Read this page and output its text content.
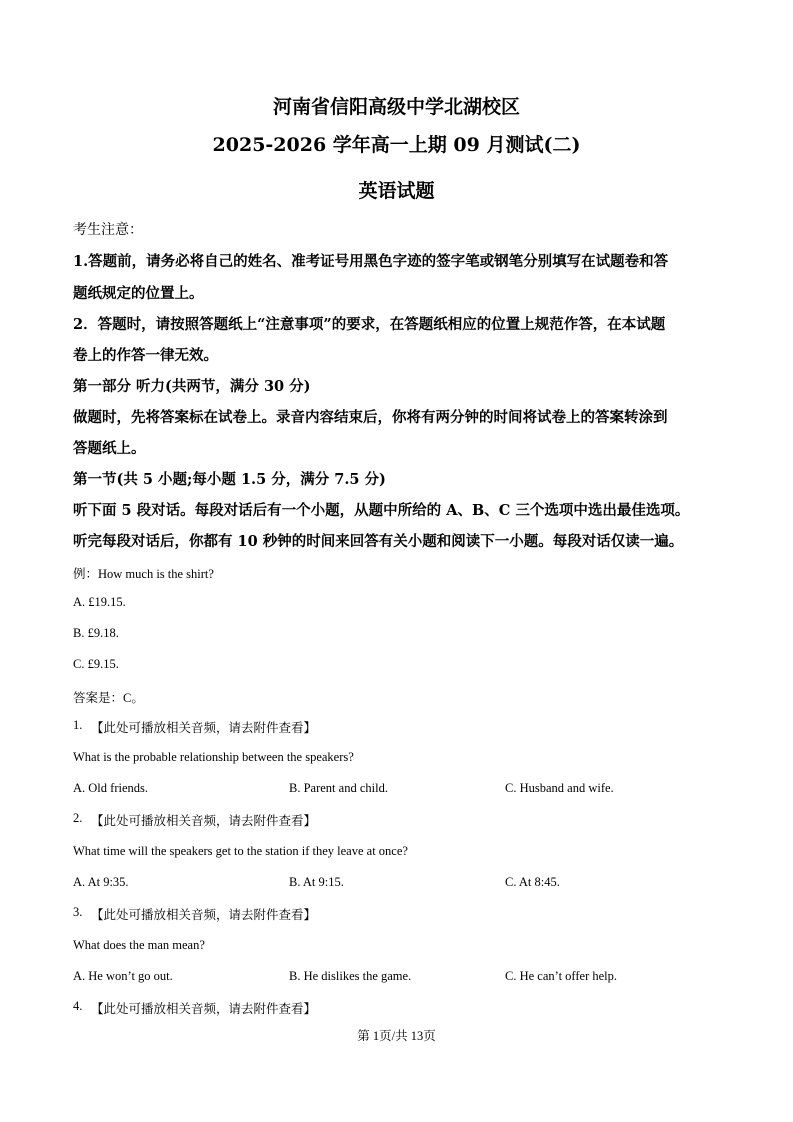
河南省信阳高级中学北湖校区
2025-2026 学年高一上期 09 月测试(二)
英语试题
考生注意：
1.答题前，请务必将自己的姓名、准考证号用黑色字迹的签字笔或钢笔分别填写在试题卷和答
题纸规定的位置上。
2．答题时，请按照答题纸上“注意事项”的要求，在答题纸相应的位置上规范作答，在本试题
卷上的作答一律无效。
第一部分 听力(共两节，满分 30 分)
做题时，先将答案标在试卷上。录音内容结束后，你将有两分钟的时间将试卷上的答案转涂到
答题纸上。
第一节(共 5 小题;每小题 1.5 分，满分 7.5 分)
听下面 5 段对话。每段对话后有一个小题，从题中所给的 A、B、C 三个选项中选出最佳选项。
听完每段对话后，你都有 10 秒钟的时间来回答有关小题和阅读下一小题。每段对话仅读一遍。
例：How much is the shirt?
A. £19.15.
B. £9.18.
C. £9.15.
答案是：C。
1. 【此处可播放相关音频，请去附件查看】
What is the probable relationship between the speakers?
A. Old friends.	B. Parent and child.	C. Husband and wife.
2. 【此处可播放相关音频，请去附件查看】
What time will the speakers get to the station if they leave at once?
A. At 9:35.	B. At 9:15.	C. At 8:45.
3. 【此处可播放相关音频，请去附件查看】
What does the man mean?
A. He won’t go out.	B. He dislikes the game.	C. He can’t offer help.
4. 【此处可播放相关音频，请去附件查看】
第 1页/共 13页
